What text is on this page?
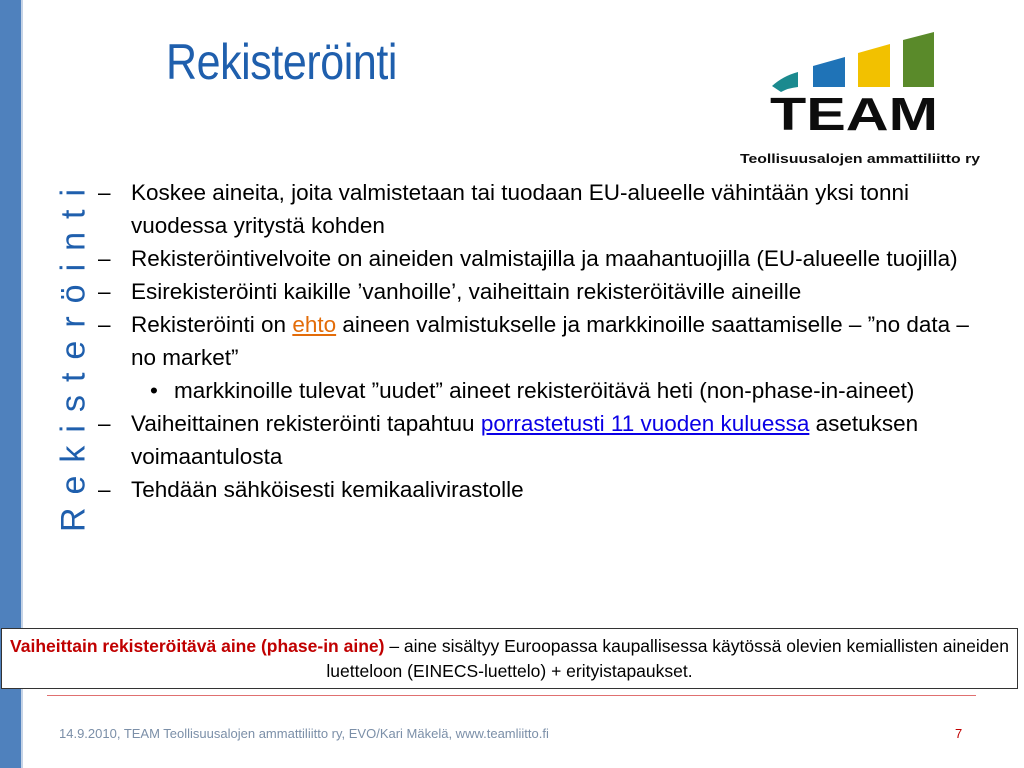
Rekisteröinti
Rekisteröinti
TEAM
Teollisuusalojen ammattiliitto ry

– Koskee aineita, joita valmistetaan tai tuodaan EU-alueelle vähintään yksi tonni vuodessa yritystä kohden

– Rekisteröintivelvoite on aineiden valmistajilla ja maahantuojilla (EU-alueelle tuojilla)

– Esirekisteröinti kaikille ’vanhoille’, vaiheittain rekisteröitäville aineille

– Rekisteröinti on ehto aineen valmistukselle ja markkinoille saattamiselle – ”no data – no market”

• markkinoille tulevat ”uudet” aineet rekisteröitävä heti (non-phase-in-aineet)

– Vaiheittainen rekisteröinti tapahtuu porrastetusti 11 vuoden kuluessa asetuksen voimaantulosta

– Tehdään sähköisesti kemikaalivirastolle

Vaiheittain rekisteröitävä aine (phase-in aine) – aine sisältyy Euroopassa kaupallisessa käytössä olevien kemiallisten aineiden luetteloon (EINECS-luettelo) + erityistapaukset.
14.9.2010, TEAM Teollisuusalojen ammattiliitto ry, EVO/Kari Mäkelä, www.teamliitto.fi	7
